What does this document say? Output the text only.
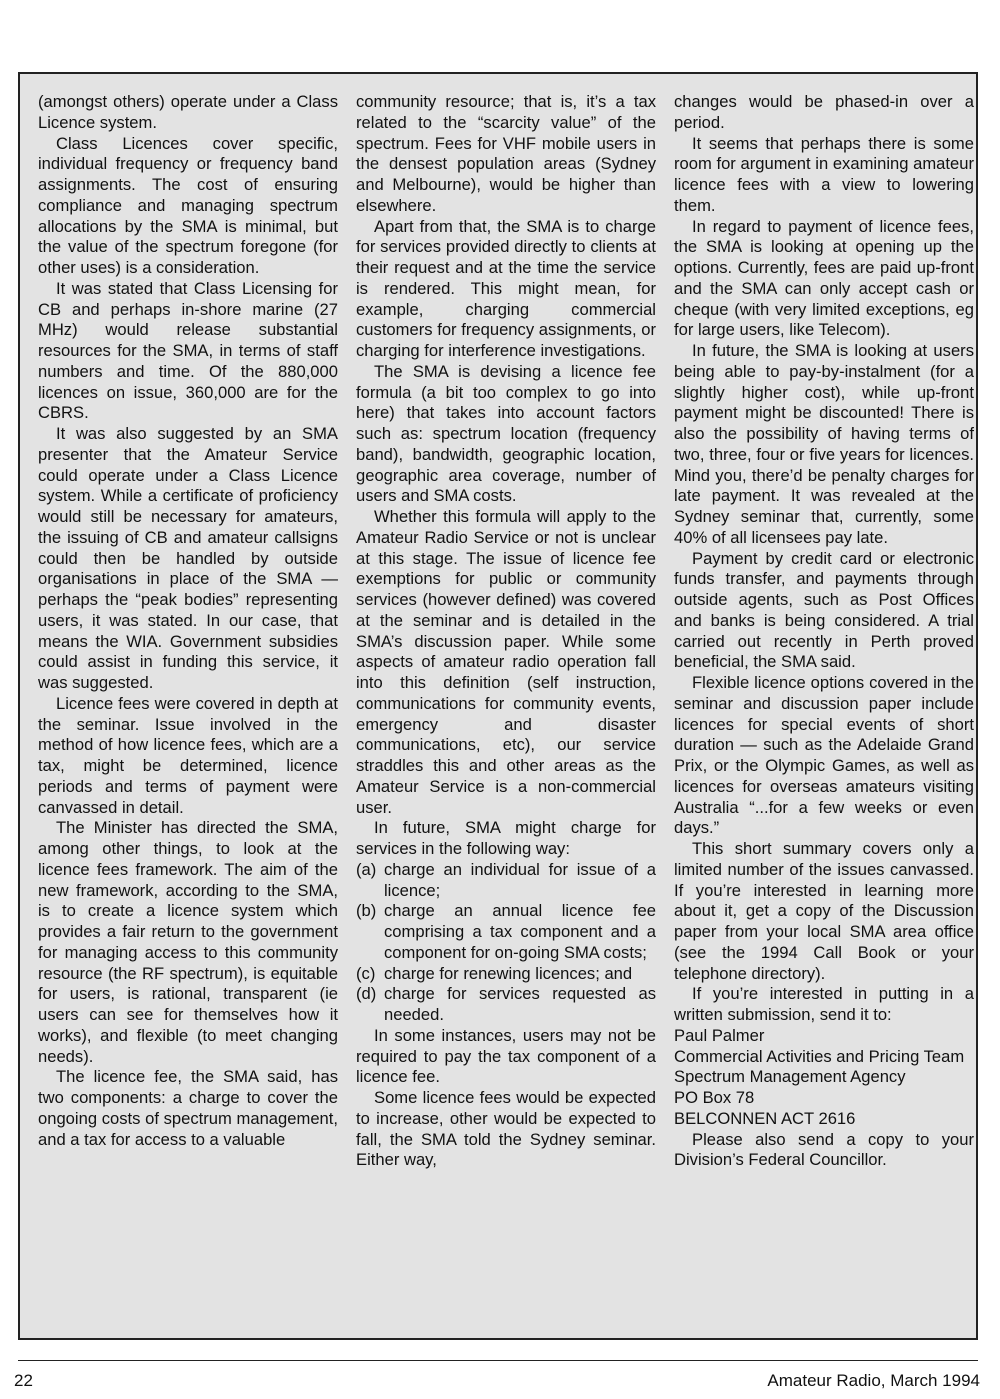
(amongst others) operate under a Class Licence system.

Class Licences cover specific, individual frequency or frequency band assignments. The cost of ensuring compliance and managing spectrum allocations by the SMA is minimal, but the value of the spectrum foregone (for other uses) is a consideration.

It was stated that Class Licensing for CB and perhaps in-shore marine (27 MHz) would release substantial resources for the SMA, in terms of staff numbers and time. Of the 880,000 licences on issue, 360,000 are for the CBRS.

It was also suggested by an SMA presenter that the Amateur Service could operate under a Class Licence system. While a certificate of proficiency would still be necessary for amateurs, the issuing of CB and amateur callsigns could then be handled by outside organisations in place of the SMA — perhaps the “peak bodies” representing users, it was stated. In our case, that means the WIA. Government subsidies could assist in funding this service, it was suggested.

Licence fees were covered in depth at the seminar. Issue involved in the method of how licence fees, which are a tax, might be determined, licence periods and terms of payment were canvassed in detail.

The Minister has directed the SMA, among other things, to look at the licence fees framework. The aim of the new framework, according to the SMA, is to create a licence system which provides a fair return to the government for managing access to this community resource (the RF spectrum), is equitable for users, is rational, transparent (ie users can see for themselves how it works), and flexible (to meet changing needs).

The licence fee, the SMA said, has two components: a charge to cover the ongoing costs of spectrum management, and a tax for access to a valuable

community resource; that is, it’s a tax related to the “scarcity value” of the spectrum. Fees for VHF mobile users in the densest population areas (Sydney and Melbourne), would be higher than elsewhere.

Apart from that, the SMA is to charge for services provided directly to clients at their request and at the time the service is rendered. This might mean, for example, charging commercial customers for frequency assignments, or charging for interference investigations.

The SMA is devising a licence fee formula (a bit too complex to go into here) that takes into account factors such as: spectrum location (frequency band), bandwidth, geographic location, geographic area coverage, number of users and SMA costs.

Whether this formula will apply to the Amateur Radio Service or not is unclear at this stage. The issue of licence fee exemptions for public or community services (however defined) was covered at the seminar and is detailed in the SMA’s discussion paper. While some aspects of amateur radio operation fall into this definition (self instruction, communications for community events, emergency and disaster communications, etc), our service straddles this and other areas as the Amateur Service is a non-commercial user.

In future, SMA might charge for services in the following way:

(a) charge an individual for issue of a licence;
(b) charge an annual licence fee comprising a tax component and a component for on-going SMA costs;
(c) charge for renewing licences; and
(d) charge for services requested as needed.

In some instances, users may not be required to pay the tax component of a licence fee.

Some licence fees would be expected to increase, other would be expected to fall, the SMA told the Sydney seminar. Either way,

changes would be phased-in over a period.

It seems that perhaps there is some room for argument in examining amateur licence fees with a view to lowering them.

In regard to payment of licence fees, the SMA is looking at opening up the options. Currently, fees are paid up-front and the SMA can only accept cash or cheque (with very limited exceptions, eg for large users, like Telecom).

In future, the SMA is looking at users being able to pay-by-instalment (for a slightly higher cost), while up-front payment might be discounted! There is also the possibility of having terms of two, three, four or five years for licences. Mind you, there’d be penalty charges for late payment. It was revealed at the Sydney seminar that, currently, some 40% of all licensees pay late.

Payment by credit card or electronic funds transfer, and payments through outside agents, such as Post Offices and banks is being considered. A trial carried out recently in Perth proved beneficial, the SMA said.

Flexible licence options covered in the seminar and discussion paper include licences for special events of short duration — such as the Adelaide Grand Prix, or the Olympic Games, as well as licences for overseas amateurs visiting Australia “...for a few weeks or even days.”

This short summary covers only a limited number of the issues canvassed. If you’re interested in learning more about it, get a copy of the Discussion paper from your local SMA area office (see the 1994 Call Book or your telephone directory).

If you’re interested in putting in a written submission, send it to:

Paul Palmer

Commercial Activities and Pricing Team

Spectrum Management Agency

PO Box 78

BELCONNEN ACT 2616

Please also send a copy to your Division’s Federal Councillor.

22	Amateur Radio, March 1994
